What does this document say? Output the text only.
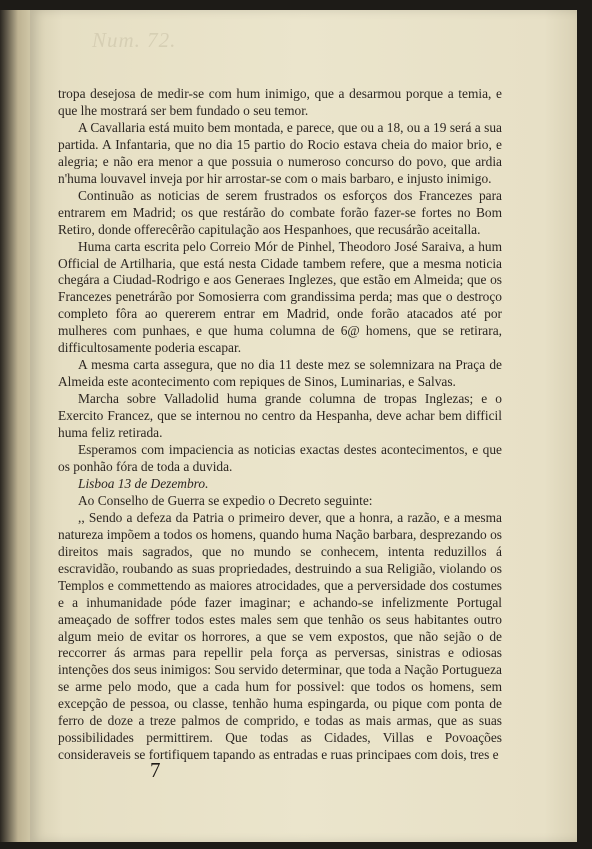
Num. 72.

tropa desejosa de medir-se com hum inimigo, que a desarmou porque a temia, e que lhe mostrará ser bem fundado o seu temor.

A Cavallaria está muito bem montada, e parece, que ou a 18, ou a 19 será a sua partida. A Infantaria, que no dia 15 partio do Rocio estava cheia do maior brio, e alegria; e não era menor a que possuia o numeroso concurso do povo, que ardia n'huma louvavel inveja por hir arrostar-se com o mais barbaro, e injusto inimigo.

Continuão as noticias de serem frustrados os esforços dos Francezes para entrarem em Madrid; os que restárão do combate forão fazer-se fortes no Bom Retiro, donde offerecêrão capitulação aos Hespanhoes, que recusárão aceitalla.

Huma carta escrita pelo Correio Mór de Pinhel, Theodoro José Saraiva, a hum Official de Artilharia, que está nesta Cidade tambem refere, que a mesma noticia chegára a Ciudad-Rodrigo e aos Generaes Inglezes, que estão em Almeida; que os Francezes penetrárão por Somosierra com grandissima perda; mas que o destroço completo fôra ao quererem entrar em Madrid, onde forão atacados até por mulheres com punhaes, e que huma columna de 6@ homens, que se retirara, difficultosamente poderia escapar.

A mesma carta assegura, que no dia 11 deste mez se solemnizara na Praça de Almeida este acontecimento com repiques de Sinos, Luminarias, e Salvas.

Marcha sobre Valladolid huma grande columna de tropas Inglezas; e o Exercito Francez, que se internou no centro da Hespanha, deve achar bem difficil huma feliz retirada.

Esperamos com impaciencia as noticias exactas destes acontecimentos, e que os ponhão fóra de toda a duvida.

Lisboa 13 de Dezembro.

Ao Conselho de Guerra se expedio o Decreto seguinte:

,, Sendo a defeza da Patria o primeiro dever, que a honra, a razão, e a mesma natureza impõem a todos os homens, quando huma Nação barbara, desprezando os direitos mais sagrados, que no mundo se conhecem, intenta reduzillos á escravidão, roubando as suas propriedades, destruindo a sua Religião, violando os Templos e commettendo as maiores atrocidades, que a perversidade dos costumes e a inhumanidade póde fazer imaginar; e achando-se infelizmente Portugal ameaçado de soffrer todos estes males sem que tenhão os seus habitantes outro algum meio de evitar os horrores, a que se vem expostos, que não sejão o de reccorrer ás armas para repellir pela força as perversas, sinistras e odiosas intenções dos seus inimigos: Sou servido determinar, que toda a Nação Portugueza se arme pelo modo, que a cada hum for possivel: que todos os homens, sem excepção de pessoa, ou classe, tenhão huma espingarda, ou pique com ponta de ferro de doze a treze palmos de comprido, e todas as mais armas, que as suas possibilidades permittirem. Que todas as Cidades, Villas e Povoações consideraveis se fortifiquem tapando as entradas e ruas principaes com dois, tres e

7
